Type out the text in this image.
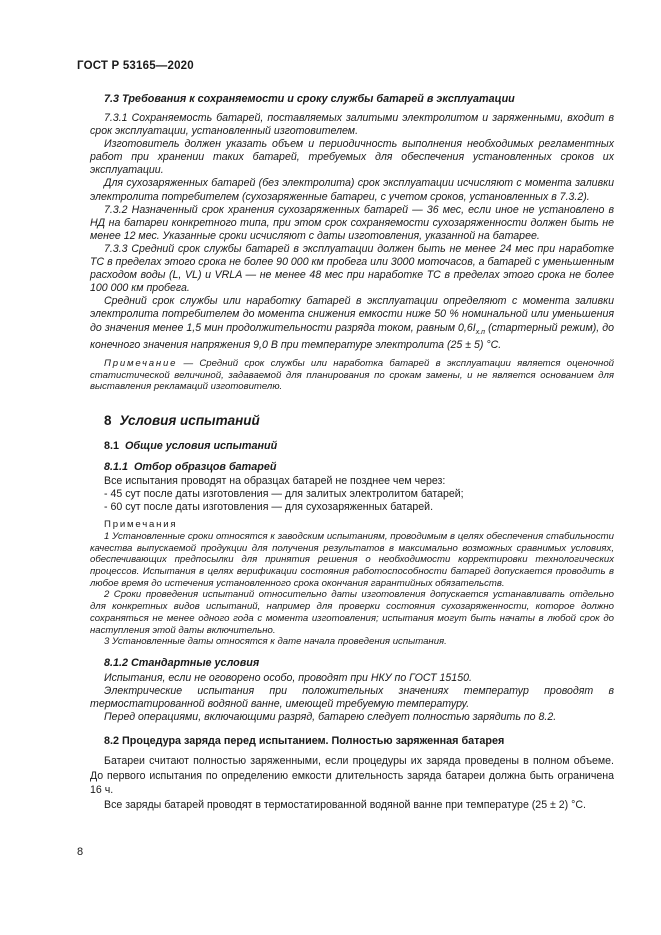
ГОСТ Р 53165—2020

7.3 Требования к сохраняемости и сроку службы батарей в эксплуатации

7.3.1 Сохраняемость батарей, поставляемых залитыми электролитом и заряженными, входит в срок эксплуатации, установленный изготовителем.

Изготовитель должен указать объем и периодичность выполнения необходимых регламентных работ при хранении таких батарей, требуемых для обеспечения установленных сроков их эксплуатации.

Для сухозаряженных батарей (без электролита) срок эксплуатации исчисляют с момента заливки электролита потребителем (сухозаряженные батареи, с учетом сроков, установленных в 7.3.2).

7.3.2 Назначенный срок хранения сухозаряженных батарей — 36 мес, если иное не установлено в НД на батареи конкретного типа, при этом срок сохраняемости сухозаряженности должен быть не менее 12 мес. Указанные сроки исчисляют с даты изготовления, указанной на батарее.

7.3.3 Средний срок службы батарей в эксплуатации должен быть не менее 24 мес при наработке ТС в пределах этого срока не более 90 000 км пробега или 3000 моточасов, а батарей с уменьшенным расходом воды (L, VL) и VRLA — не менее 48 мес при наработке ТС в пределах этого срока не более 100 000 км пробега.

Средний срок службы или наработку батарей в эксплуатации определяют с момента заливки электролита потребителем до момента снижения емкости ниже 50 % номинальной или уменьшения до значения менее 1,5 мин продолжительности разряда током, равным $0,6I_{х.п}$ (стартерный режим), до конечного значения напряжения 9,0 В при температуре электролита (25 ± 5) °С.

Примечание — Средний срок службы или наработка батарей в эксплуатации является оценочной статистической величиной, задаваемой для планирования по срокам замены, и не является основанием для выставления рекламаций изготовителю.

8 Условия испытаний

8.1 Общие условия испытаний

8.1.1 Отбор образцов батарей

Все испытания проводят на образцах батарей не позднее чем через:

- 45 сут после даты изготовления — для залитых электролитом батарей;

- 60 сут после даты изготовления — для сухозаряженных батарей.

Примечания

1 Установленные сроки относятся к заводским испытаниям, проводимым в целях обеспечения стабильности качества выпускаемой продукции для получения результатов в максимально возможных сравнимых условиях, обеспечивающих предпосылки для принятия решения о необходимости корректировки технологических процессов. Испытания в целях верификации состояния работоспособности батарей допускается проводить в любое время до истечения установленного срока окончания гарантийных обязательств.

2 Сроки проведения испытаний относительно даты изготовления допускается устанавливать отдельно для конкретных видов испытаний, например для проверки состояния сухозаряженности, которое должно сохраняться не менее одного года с момента изготовления; испытания могут быть начаты в любой срок до наступления этой даты включительно.

3 Установленные даты относятся к дате начала проведения испытания.

8.1.2 Стандартные условия

Испытания, если не оговорено особо, проводят при НКУ по ГОСТ 15150.

Электрические испытания при положительных значениях температур проводят в термостатированной водяной ванне, имеющей требуемую температуру.

Перед операциями, включающими разряд, батарею следует полностью зарядить по 8.2.

8.2 Процедура заряда перед испытанием. Полностью заряженная батарея

Батареи считают полностью заряженными, если процедуры их заряда проведены в полном объеме. До первого испытания по определению емкости длительность заряда батареи должна быть ограничена 16 ч.

Все заряды батарей проводят в термостатированной водяной ванне при температуре (25 ± 2) °С.

8
